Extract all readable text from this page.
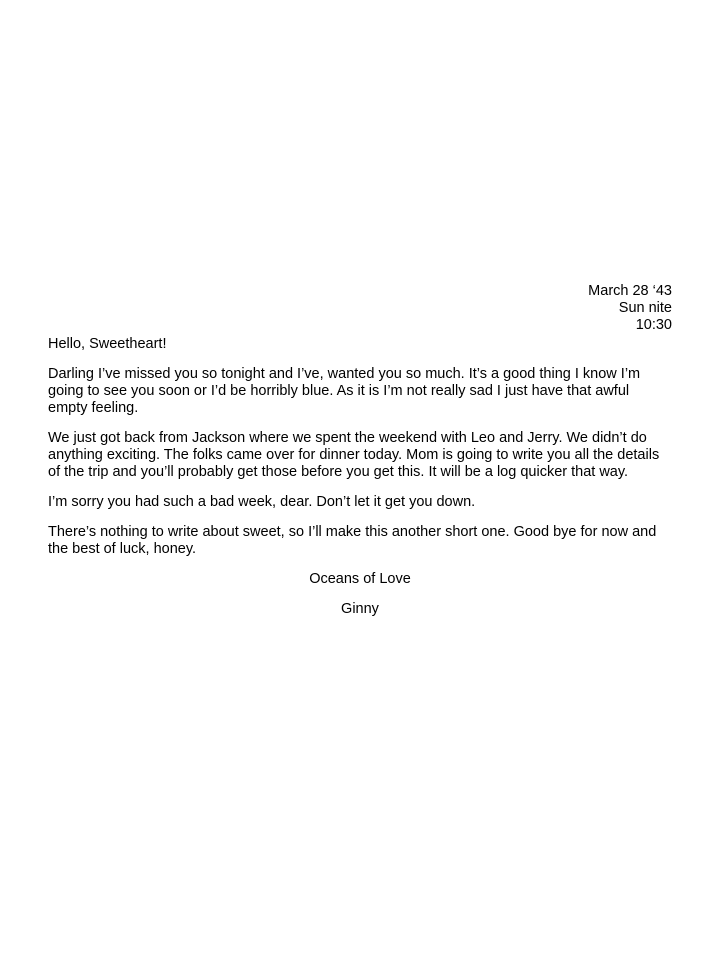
March 28 ‘43
Sun nite
10:30
Hello, Sweetheart!

Darling I’ve missed you so tonight and I’ve, wanted you so much. It’s a good thing I know I’m going to see you soon or I’d be horribly blue. As it is I’m not really sad I just have that awful empty feeling.

We just got back from Jackson where we spent the weekend with Leo and Jerry. We didn’t do anything exciting. The folks came over for dinner today. Mom is going to write you all the details of the trip and you’ll probably get those before you get this. It will be a log quicker that way.

I’m sorry you had such a bad week, dear. Don’t let it get you down.

There’s nothing to write about sweet, so I’ll make this another short one. Good bye for now and the best of luck, honey.

Oceans of Love
Ginny
